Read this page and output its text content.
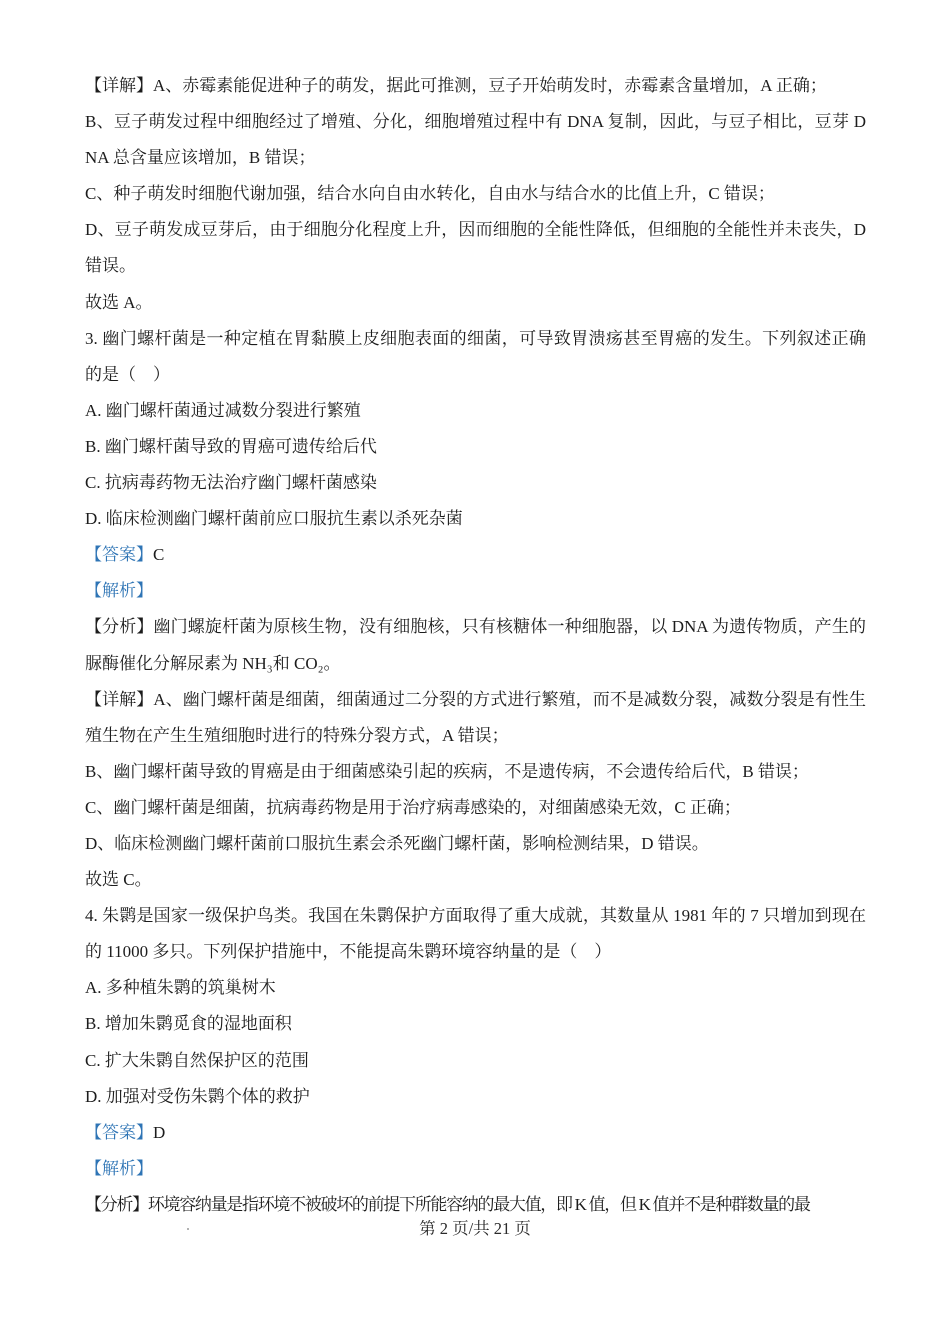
【详解】A、赤霉素能促进种子的萌发，据此可推测，豆子开始萌发时，赤霉素含量增加，A 正确；

B、豆子萌发过程中细胞经过了增殖、分化，细胞增殖过程中有 DNA 复制，因此，与豆子相比，豆芽 DNA 总含量应该增加，B 错误；

C、种子萌发时细胞代谢加强，结合水向自由水转化，自由水与结合水的比值上升，C 错误；

D、豆子萌发成豆芽后，由于细胞分化程度上升，因而细胞的全能性降低，但细胞的全能性并未丧失，D 错误。

故选 A。

3. 幽门螺杆菌是一种定植在胃黏膜上皮细胞表面的细菌，可导致胃溃疡甚至胃癌的发生。下列叙述正确的是（　）

A. 幽门螺杆菌通过减数分裂进行繁殖

B. 幽门螺杆菌导致的胃癌可遗传给后代

C. 抗病毒药物无法治疗幽门螺杆菌感染

D. 临床检测幽门螺杆菌前应口服抗生素以杀死杂菌

【答案】C

【解析】

【分析】幽门螺旋杆菌为原核生物，没有细胞核，只有核糖体一种细胞器，以 DNA 为遗传物质，产生的脲酶催化分解尿素为 NH₃和 CO₂。

【详解】A、幽门螺杆菌是细菌，细菌通过二分裂的方式进行繁殖，而不是减数分裂，减数分裂是有性生殖生物在产生生殖细胞时进行的特殊分裂方式，A 错误；

B、幽门螺杆菌导致的胃癌是由于细菌感染引起的疾病，不是遗传病，不会遗传给后代，B 错误；

C、幽门螺杆菌是细菌，抗病毒药物是用于治疗病毒感染的，对细菌感染无效，C 正确；

D、临床检测幽门螺杆菌前口服抗生素会杀死幽门螺杆菌，影响检测结果，D 错误。

故选 C。

4. 朱鹮是国家一级保护鸟类。我国在朱鹮保护方面取得了重大成就，其数量从 1981 年的 7 只增加到现在的 11000 多只。下列保护措施中，不能提高朱鹮环境容纳量的是（　）

A. 多种植朱鹮的筑巢树木

B. 增加朱鹮觅食的湿地面积

C. 扩大朱鹮自然保护区的范围

D. 加强对受伤朱鹮个体的救护

【答案】D

【解析】

【分析】环境容纳量是指环境不被破坏的前提下所能容纳的最大值，即 K 值，但 K 值并不是种群数量的最

第 2 页/共 21 页
